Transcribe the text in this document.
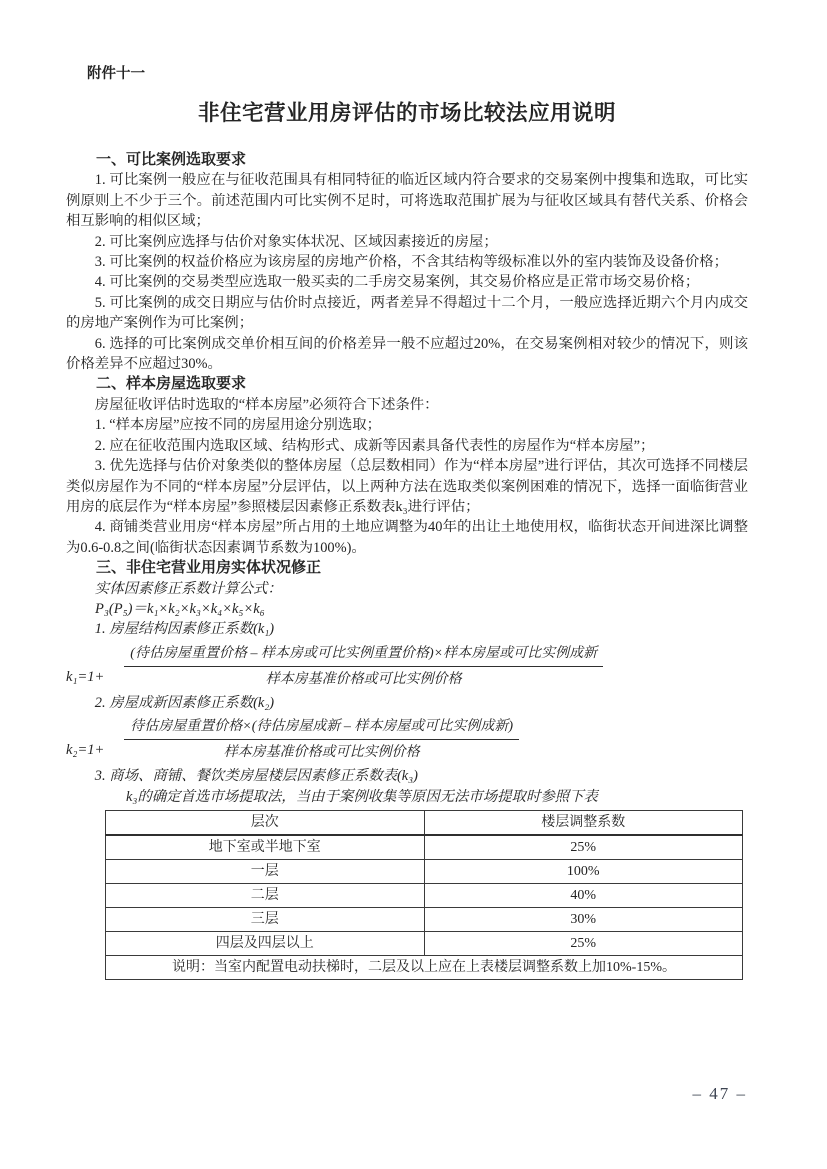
附件十一
非住宅营业用房评估的市场比较法应用说明
一、可比案例选取要求

1. 可比案例一般应在与征收范围具有相同特征的临近区域内符合要求的交易案例中搜集和选取，可比实例原则上不少于三个。前述范围内可比实例不足时，可将选取范围扩展为与征收区域具有替代关系、价格会相互影响的相似区域；

2. 可比案例应选择与估价对象实体状况、区域因素接近的房屋；

3. 可比案例的权益价格应为该房屋的房地产价格，不含其结构等级标准以外的室内装饰及设备价格；

4. 可比案例的交易类型应选取一般买卖的二手房交易案例，其交易价格应是正常市场交易价格；

5. 可比案例的成交日期应与估价时点接近，两者差异不得超过十二个月，一般应选择近期六个月内成交的房地产案例作为可比案例；

6. 选择的可比案例成交单价相互间的价格差异一般不应超过20%，在交易案例相对较少的情况下，则该价格差异不应超过30%。

二、样本房屋选取要求

房屋征收评估时选取的“样本房屋”必须符合下述条件：

1. “样本房屋”应按不同的房屋用途分别选取；

2. 应在征收范围内选取区域、结构形式、成新等因素具备代表性的房屋作为“样本房屋”；

3. 优先选择与估价对象类似的整体房屋（总层数相同）作为“样本房屋”进行评估，其次可选择不同楼层类似房屋作为不同的“样本房屋”分层评估，以上两种方法在选取类似案例困难的情况下，选择一面临街营业用房的底层作为“样本房屋”参照楼层因素修正系数表k₃进行评估；

4. 商铺类营业用房“样本房屋”所占用的土地应调整为40年的出让土地使用权，临街状态开间进深比调整为0.6-0.8之间(临街状态因素调节系数为100%)。

三、非住宅营业用房实体状况修正

实体因素修正系数计算公式：

P₃(P₅)＝k₁×k₂×k₃×k₄×k₅×k₆

1. 房屋结构因素修正系数(k₁)

k₁=1+	$\frac{\text{(待估房屋重置价格 – 样本房或可比实例重置价格)×样本房屋或可比实例成新}}{\text{样本房基准价格或可比实例价格}}$

2. 房屋成新因素修正系数(k₂)

k₂=1+	$\frac{\text{待估房屋重置价格×(待估房屋成新 – 样本房屋或可比实例成新)}}{\text{样本房基准价格或可比实例价格}}$

3. 商场、商铺、餐饮类房屋楼层因素修正系数表(k₃)

k₃的确定首选市场提取法，当由于案例收集等原因无法市场提取时参照下表

层次	楼层调整系数
地下室或半地下室	25%
一层	100%
二层	40%
三层	30%
四层及四层以上	25%
说明：当室内配置电动扶梯时，二层及以上应在上表楼层调整系数上加10%-15%。	
– 47 –
